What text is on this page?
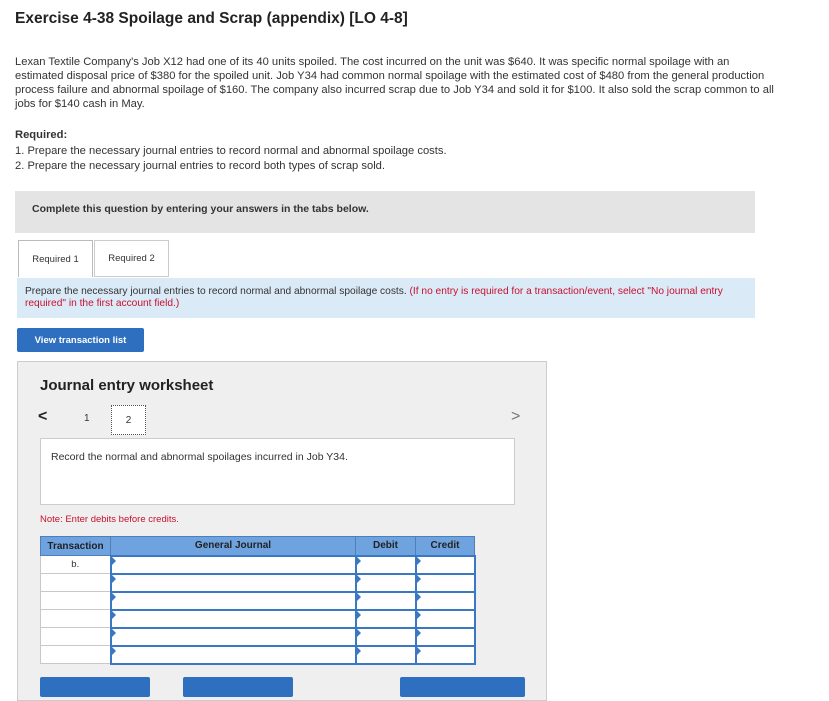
Exercise 4-38 Spoilage and Scrap (appendix) [LO 4-8]
Lexan Textile Company's Job X12 had one of its 40 units spoiled. The cost incurred on the unit was $640. It was specific normal spoilage with an estimated disposal price of $380 for the spoiled unit. Job Y34 had common normal spoilage with the estimated cost of $480 from the general production process failure and abnormal spoilage of $160. The company also incurred scrap due to Job Y34 and sold it for $100. It also sold the scrap common to all jobs for $140 cash in May.
Required:
1. Prepare the necessary journal entries to record normal and abnormal spoilage costs.
2. Prepare the necessary journal entries to record both types of scrap sold.
Complete this question by entering your answers in the tabs below.
Required 1	Required 2
Prepare the necessary journal entries to record normal and abnormal spoilage costs. (If no entry is required for a transaction/event, select "No journal entry required" in the first account field.)
View transaction list
Journal entry worksheet
<	1	2	>
Record the normal and abnormal spoilages incurred in Job Y34.
Note: Enter debits before credits.
Transaction	General Journal	Debit	Credit
b.			
